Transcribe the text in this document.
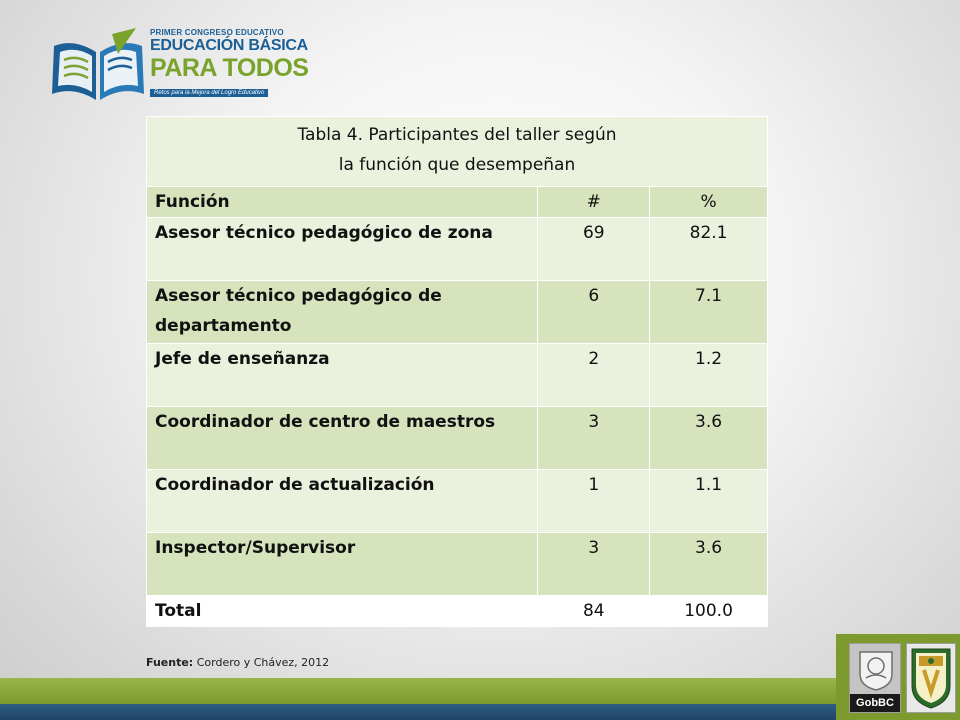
PRIMER CONGRESO EDUCATIVO
EDUCACIÓN BÁSICA
PARA TODOS
Retos para la Mejora del Logro Educativo
Tabla 4. Participantes del taller según
la función que desempeñan		

Función	#	%
Asesor técnico pedagógico de zona	69	82.1
Asesor técnico pedagógico de departamento	6	7.1
Jefe de enseñanza	2	1.2
Coordinador de centro de maestros	3	3.6
Coordinador de actualización	1	1.1
Inspector/Supervisor	3	3.6
Total	84	100.0
Fuente: Cordero y Chávez, 2012
GobBC
